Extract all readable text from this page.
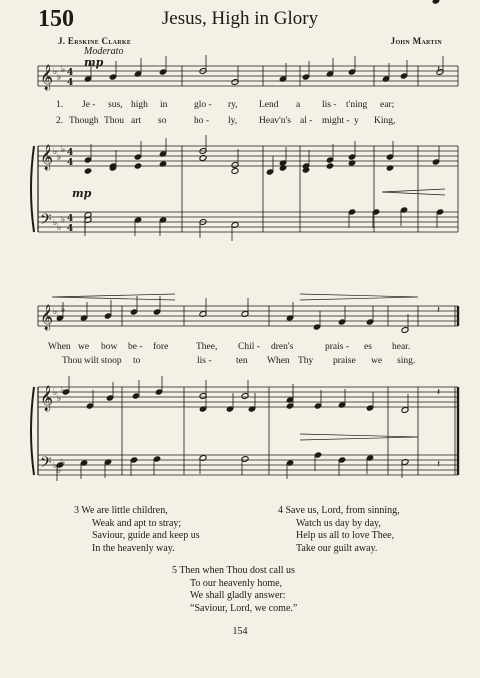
150	Jesus, High in Glory
J. Erskine Clarke	John Martin
Moderato
𝄞
𝄞
𝄢
♭
♭
♭
♭
♭
♭
♭ ♭
♭
4
4
4
4
4
4
𝄞
𝄞
𝄢
♭
♭
♭
♭
♭
♭
♭ ♭
♭
𝄽
𝄽
𝄽
𝄽
mp
mp
1. Je - sus, high in	glo - ry, Lend a lis - t'ning ear;
2. Though Thou art so	ho - ly, Heav'n's al - might - y King,
When we bow be - fore	Thee, Chil - dren's	prais - es hear.
Thou wilt stoop to	lis -	ten When Thy praise we sing.
3 We are little children,
Weak and apt to stray;
Saviour, guide and keep us
In the heavenly way.
4 Save us, Lord, from sinning,
Watch us day by day,
Help us all to love Thee,
Take our guilt away.
5 Then when Thou dost call us
To our heavenly home,
We shall gladly answer:
“Saviour, Lord, we come.”
154
